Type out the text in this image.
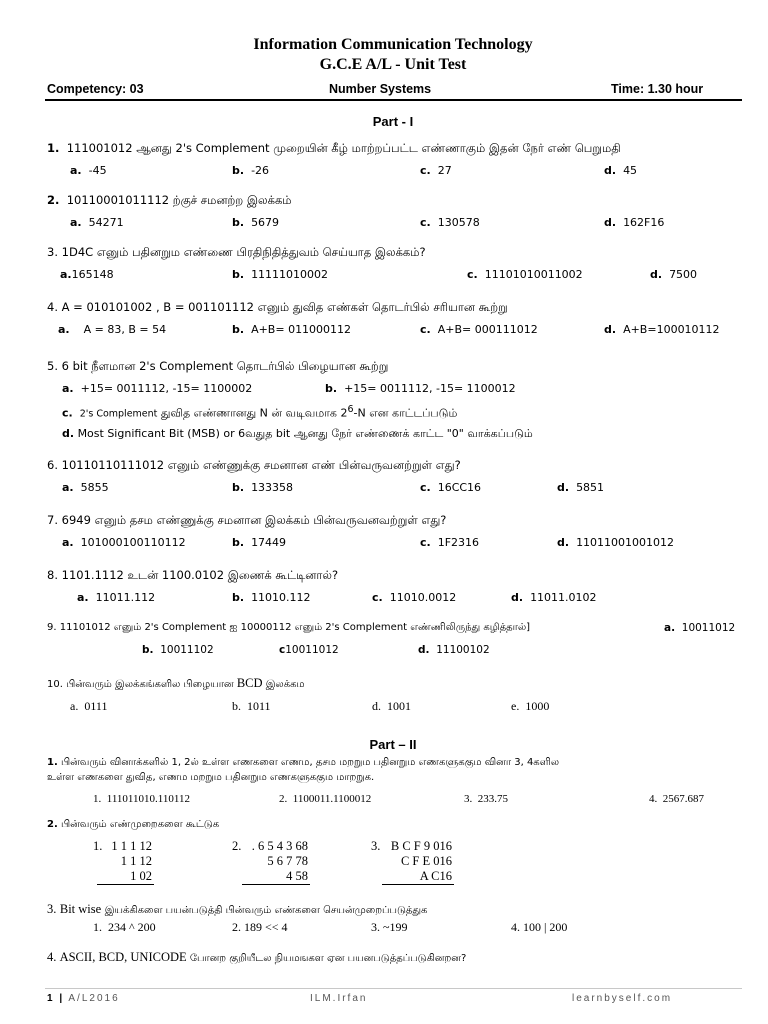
Information Communication Technology
G.C.E A/L - Unit Test
Competency: 03	Number Systems	Time: 1.30 hour
Part - I
1. 111001012 ஆனது 2's Complement முறையின் கீழ் மாற்றப்பட்ட எண்ணாகும் இதன் நேர் எண் பெறுமதி
a. -45	b. -26	c. 27	d. 45
2. 10110001011112 ற்குச் சமனற்ற இலக்கம்
a. 54271	b. 5679	c. 130578	d. 162F16
3. 1D4C எனும் பதினறும எண்ணை பிரதிநிதித்துவம் செய்யாத இலக்கம்?
a.165148	b. 11111010002	c. 11101010011002	d. 7500
4. A = 010101002 , B = 001101112 எனும் துவித எண்கள் தொடர்பில் சரியான கூற்று
a. A = 83, B = 54	b. A+B= 011000112	c. A+B= 000111012	d. A+B=100010112
5. 6 bit நீளமான 2's Complement தொடர்பில் பிழையான கூற்று
a. +15= 0011112, -15= 1100002	b. +15= 0011112, -15= 1100012
c. 2's Complement துவித எண்ணானது N ன் வடிவமாக $2^6-N$ என காட்டப்படும்
d. Most Significant Bit (MSB) or 6வதுத bit ஆனது நேர் எண்ணைக் காட்ட "0" வாக்கப்படும்
6. 10110110111012 எனும் எண்ணுக்கு சமனான எண் பின்வருவனற்றுள் எது?
a. 5855	b. 133358	c. 16CC16	d. 5851
7. 6949 எனும் தசம எண்ணுக்கு சமனான இலக்கம் பின்வருவனவற்றுள் எது?
a. 101000100110112	b. 17449	c. 1F2316	d. 11011001001012
8. 1101.1112 உடன் 1100.0102 இணைக் கூட்டினால்?
a. 11011.112	b. 11010.112	c. 11010.0012	d. 11011.0102
9. 11101012 எனும் 2's Complement ஐ 10000112 எனும் 2's Complement எண்ணிலிருந்து கழித்தால்]	a. 10011012
b. 10011102	c10011012	d. 11100102
10. பின்வரும் இலக்கங்களில பிழையான BCD இலக்கம
a. 0111	b. 1011	d. 1001	e. 1000
Part – II
1. பின்வரும் வினாக்களில் 1, 2ல் உள்ள எணகளை எணம, தசம மறறும பதினறும எணகளுககும வினா 3, 4களில
உள்ள எணகளை துவித, எணம மறறும பதினறும எணகளுககும மாறறுக.
1. 111011010.110112	2. 1100011.1100012	3. 233.75	4. 2567.687
2. பின்வரும் எண்முறைகளை கூட்டுக
1. 1 1 1 12
1 1 12
1 02
2. . 6 5 4 3 68
5 6 7 78
4 58
3. B C F 9 016
C F E 016
A C16
3. Bit wise இயக்கிகளை பயன்படுத்தி பின்வரும் எண்களை செயன்முறைப்படுத்துக
1. 234 ^ 200	2. 189 << 4	3. ~199	4. 100 | 200
4. ASCII, BCD, UNICODE போனற குறியீடல நியமஙகள ஏன பயனபடுத்தப்படுகினறன?
1 | A/L2016	ILM.Irfan	learnbyself.com
